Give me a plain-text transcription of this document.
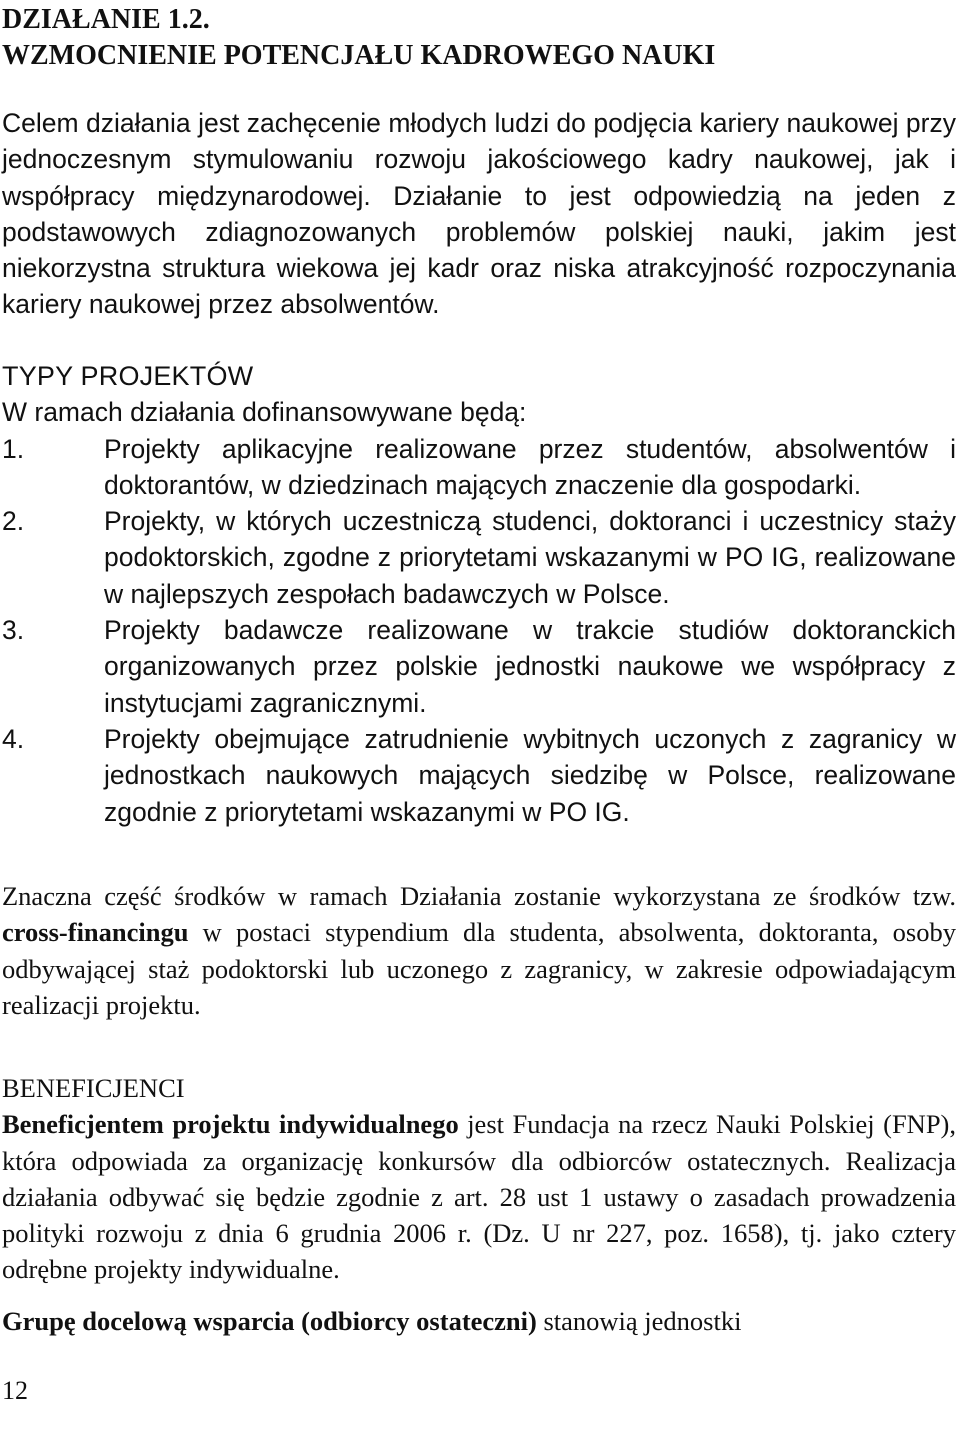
DZIAŁANIE 1.2.
WZMOCNIENIE POTENCJAŁU KADROWEGO NAUKI

Celem działania jest zachęcenie młodych ludzi do podjęcia kariery naukowej przy jednoczesnym stymulowaniu rozwoju jakościowego kadry naukowej, jak i współpracy międzynarodowej. Działanie to jest odpowiedzią na jeden z podstawowych zdiagnozowanych problemów polskiej nauki, jakim jest niekorzystna struktura wiekowa jej kadr oraz niska atrakcyjność rozpoczynania kariery naukowej przez absolwentów.

TYPY PROJEKTÓW
W ramach działania dofinansowywane będą:
1.	Projekty aplikacyjne realizowane przez studentów, absolwentów i doktorantów, w dziedzinach mających znaczenie dla gospodarki.
2.	Projekty, w których uczestniczą studenci, doktoranci i uczestnicy staży podoktorskich, zgodne z priorytetami wskazanymi w PO IG, realizowane w najlepszych zespołach badawczych w Polsce.
3.	Projekty badawcze realizowane w trakcie studiów doktoranckich organizowanych przez polskie jednostki naukowe we współpracy z instytucjami zagranicznymi.
4.	Projekty obejmujące zatrudnienie wybitnych uczonych z zagranicy w jednostkach naukowych mających siedzibę w Polsce, realizowane zgodnie z priorytetami wskazanymi w PO IG.

Znaczna część środków w ramach Działania zostanie wykorzystana ze środków tzw. cross-financingu w postaci stypendium dla studenta, absolwenta, doktoranta, osoby odbywającej staż podoktorski lub uczonego z zagranicy, w zakresie odpowiadającym realizacji projektu.

BENEFICJENCI
Beneficjentem projektu indywidualnego jest Fundacja na rzecz Nauki Polskiej (FNP), która odpowiada za organizację konkursów dla odbiorców ostatecznych. Realizacja działania odbywać się będzie zgodnie z art. 28 ust 1 ustawy o zasadach prowadzenia polityki rozwoju z dnia 6 grudnia 2006 r. (Dz. U nr 227, poz. 1658), tj. jako cztery odrębne projekty indywidualne.

Grupę docelową wsparcia (odbiorcy ostateczni) stanowią jednostki

12
